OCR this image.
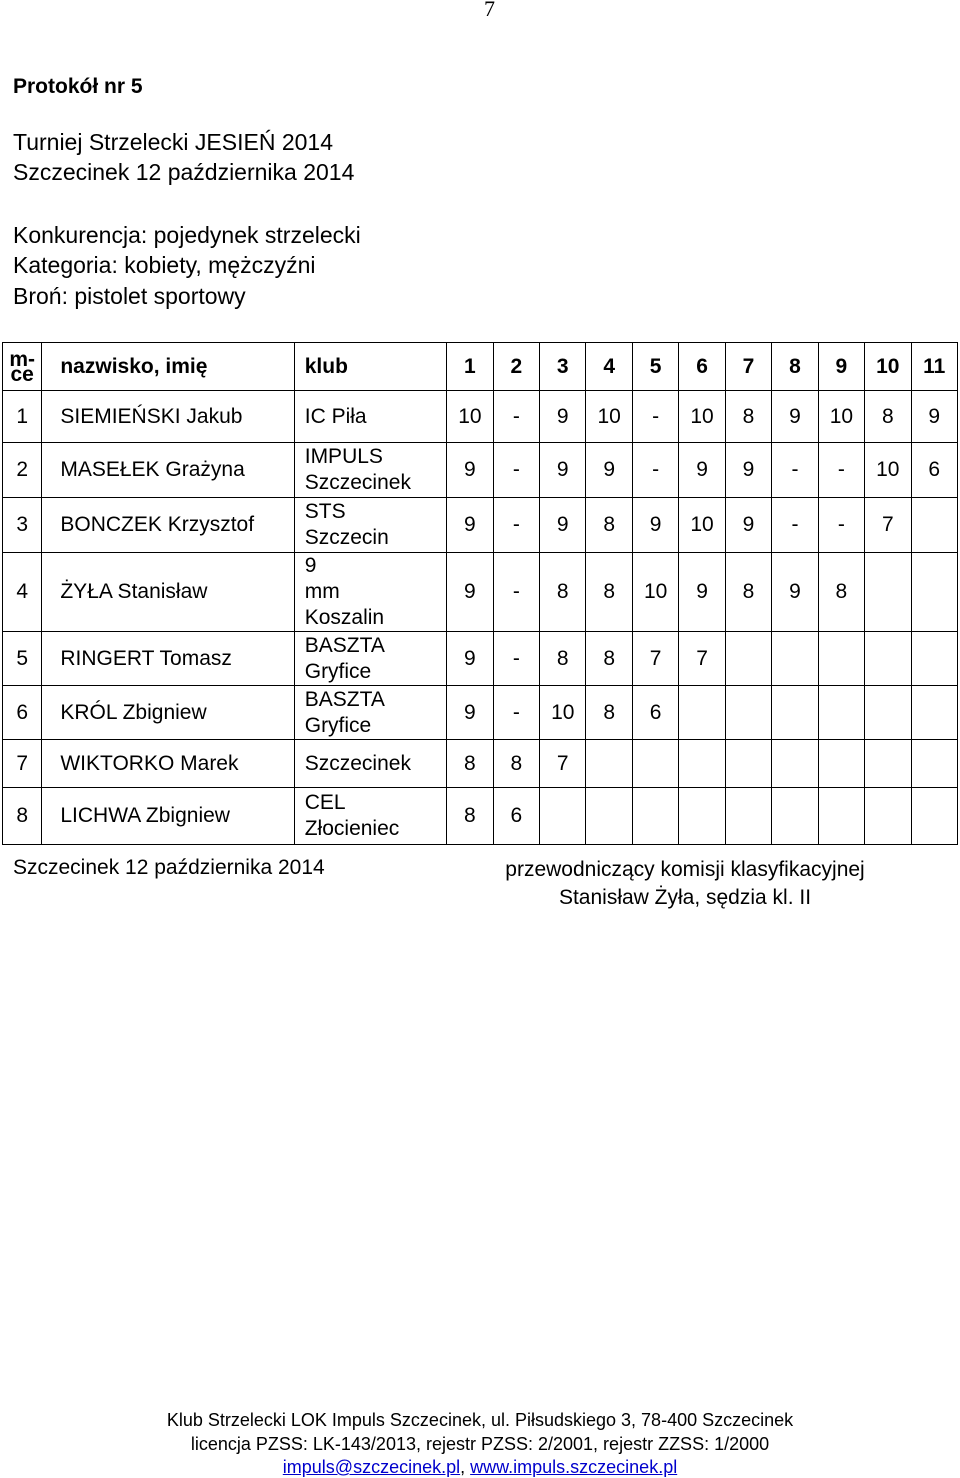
7
Protokół nr 5
Turniej Strzelecki JESIEŃ 2014
Szczecinek 12 października 2014
Konkurencja: pojedynek strzelecki
Kategoria: kobiety, mężczyźni
Broń: pistolet sportowy
m- ce	nazwisko, imię	klub	1	2	3	4	5	6	7	8	9	10	11
1	SIEMIEŃSKI Jakub	IC Piła	10	-	9	10	-	10	8	9	10	8	9
2	MASEŁEK Grażyna	IMPULS Szczecinek	9	-	9	9	-	9	9	-	-	10	6
3	BONCZEK Krzysztof	STS Szczecin	9	-	9	8	9	10	9	-	-	7	
4	ŻYŁA Stanisław	9 mm Koszalin	9	-	8	8	10	9	8	9	8		
5	RINGERT Tomasz	BASZTA Gryfice	9	-	8	8	7	7					
6	KRÓL Zbigniew	BASZTA Gryfice	9	-	10	8	6						
7	WIKTORKO Marek	Szczecinek	8	8	7								
8	LICHWA Zbigniew	CEL Złocieniec	8	6									
Szczecinek 12 października 2014	przewodniczący komisji klasyfikacyjnej
Stanisław Żyła, sędzia kl. II
Klub Strzelecki LOK Impuls Szczecinek, ul. Piłsudskiego 3, 78-400 Szczecinek
licencja PZSS: LK-143/2013, rejestr PZSS: 2/2001, rejestr ZZSS: 1/2000
impuls@szczecinek.pl, www.impuls.szczecinek.pl
